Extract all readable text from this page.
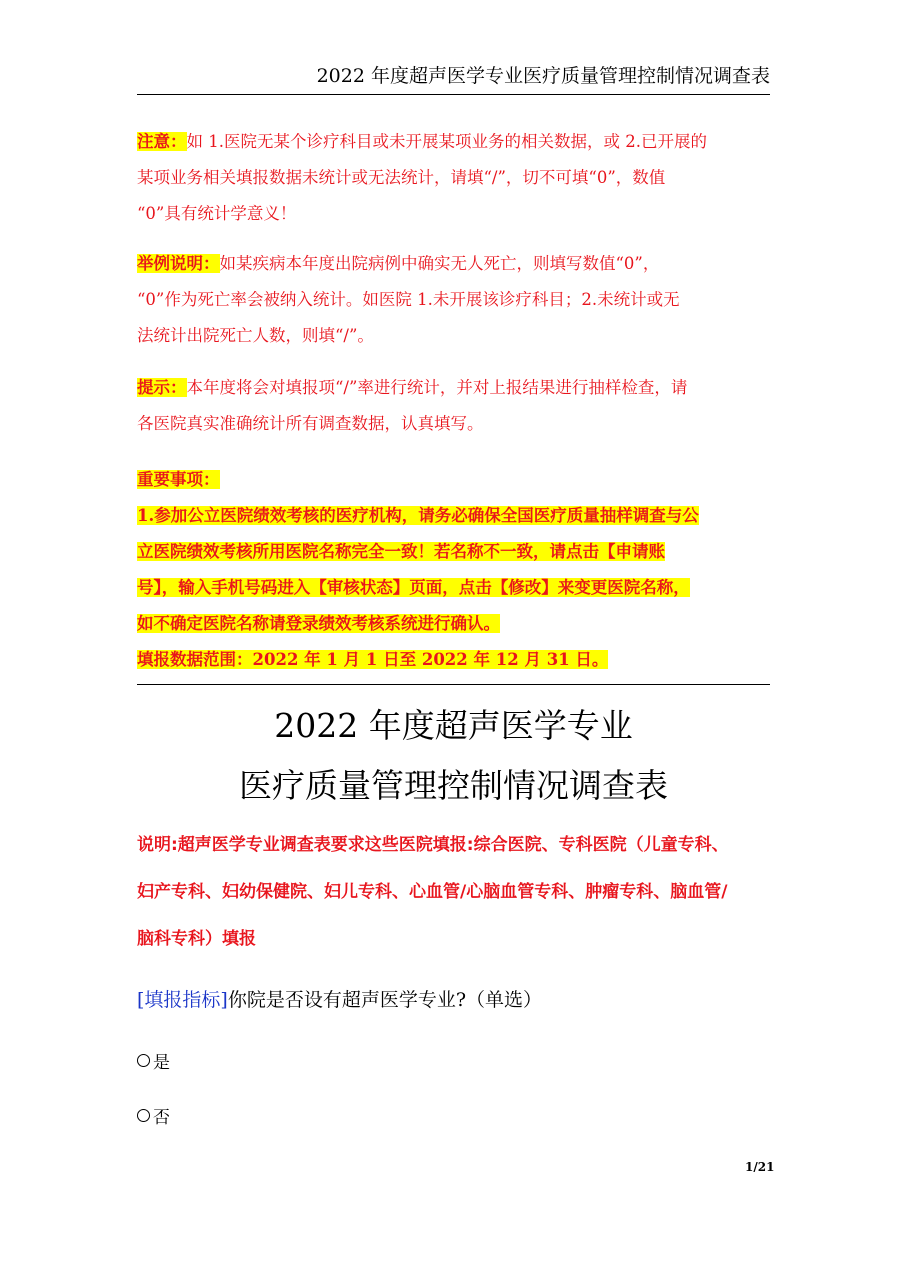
2022 年度超声医学专业医疗质量管理控制情况调查表
注意：如 1.医院无某个诊疗科目或未开展某项业务的相关数据，或 2.已开展的
某项业务相关填报数据未统计或无法统计，请填“/”，切不可填“0”，数值
“0”具有统计学意义！
举例说明：如某疾病本年度出院病例中确实无人死亡，则填写数值“0”，
“0”作为死亡率会被纳入统计。如医院 1.未开展该诊疗科目；2.未统计或无
法统计出院死亡人数，则填“/”。
提示：本年度将会对填报项“/”率进行统计，并对上报结果进行抽样检查，请
各医院真实准确统计所有调查数据，认真填写。
重要事项：
1.参加公立医院绩效考核的医疗机构，请务必确保全国医疗质量抽样调查与公
立医院绩效考核所用医院名称完全一致！若名称不一致，请点击【申请账
号】，输入手机号码进入【审核状态】页面，点击【修改】来变更医院名称，
如不确定医院名称请登录绩效考核系统进行确认。
填报数据范围：2022 年 1 月 1 日至 2022 年 12 月 31 日。
2022 年度超声医学专业
医疗质量管理控制情况调查表
说明:超声医学专业调查表要求这些医院填报:综合医院、专科医院（儿童专科、
妇产专科、妇幼保健院、妇儿专科、心血管/心脑血管专科、肿瘤专科、脑血管/
脑科专科）填报
[填报指标]你院是否设有超声医学专业?（单选）
是
否
1/21
